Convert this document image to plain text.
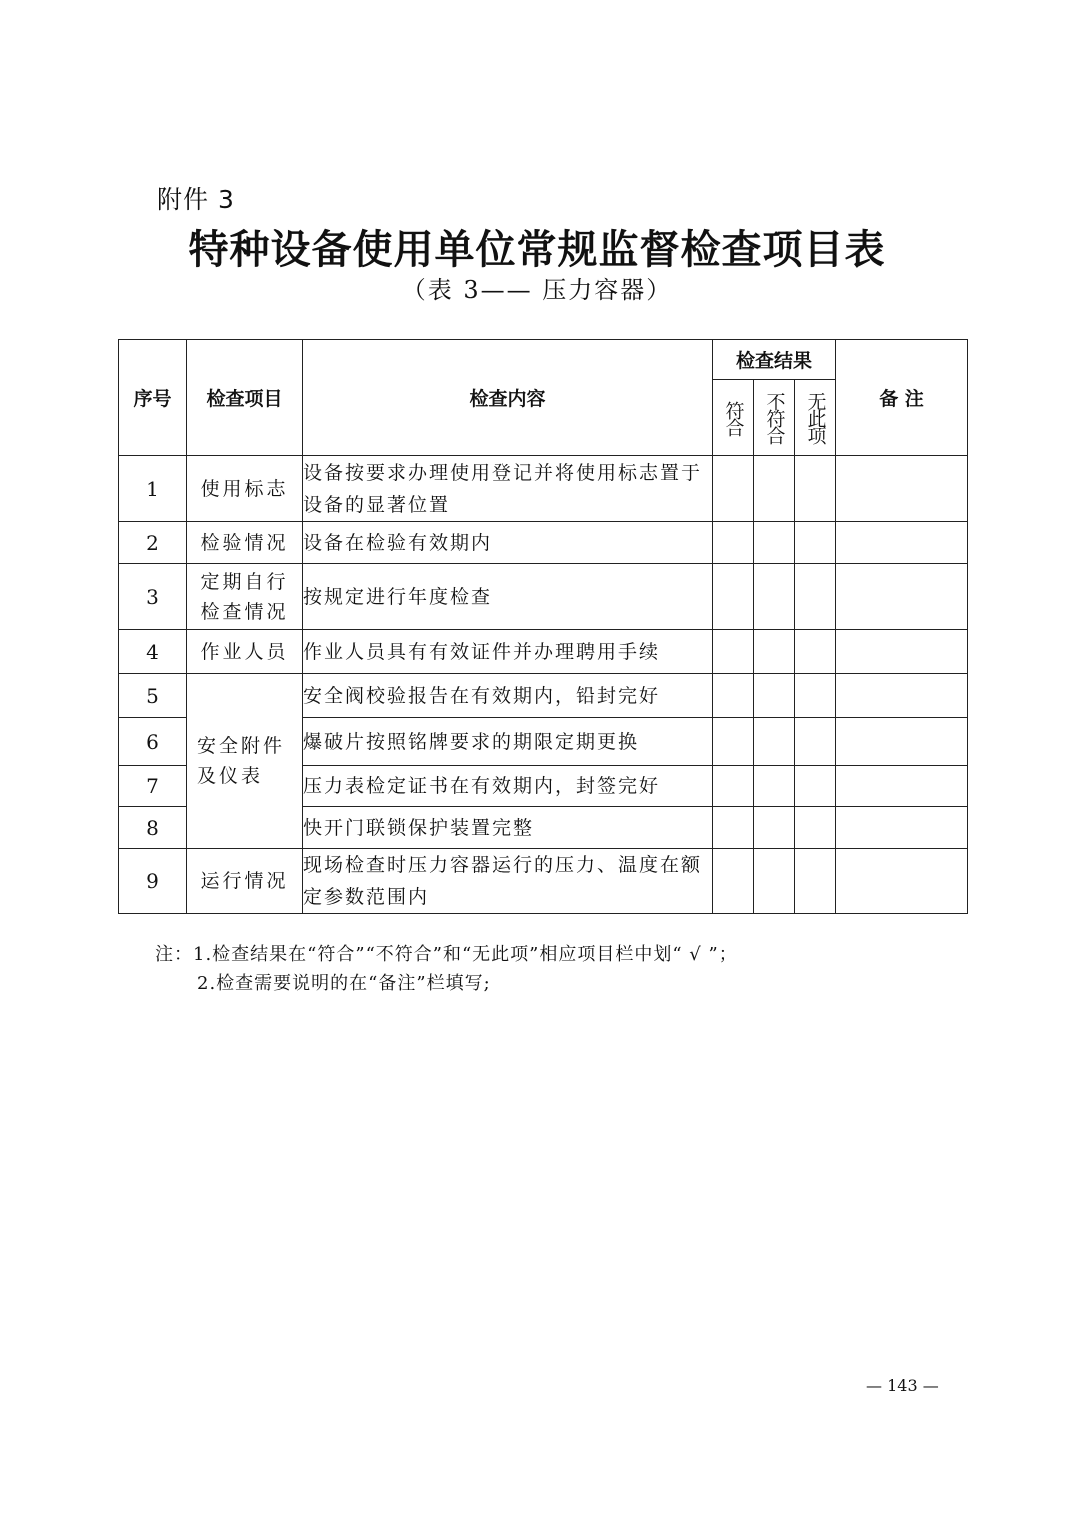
附件 3
特种设备使用单位常规监督检查项目表
（表 3—— 压力容器）
序号	检查项目	检查内容	检查结果			备 注

			符合	不符合	无此项	

1	使用标志	设备按要求办理使用登记并将使用标志置于设备的显著位置				
2	检验情况	设备在检验有效期内				
3	定期自行检查情况	按规定进行年度检查				
4	作业人员	作业人员具有有效证件并办理聘用手续				
5	安全附件及仪表	安全阀校验报告在有效期内，铅封完好				
6		爆破片按照铭牌要求的期限定期更换				
7		压力表检定证书在有效期内，封签完好				
8		快开门联锁保护装置完整				
9	运行情况	现场检查时压力容器运行的压力、温度在额定参数范围内				
注：1.检查结果在“符合”“不符合”和“无此项”相应项目栏中划“ √ ”；
2.检查需要说明的在“备注”栏填写;
— 143 —
